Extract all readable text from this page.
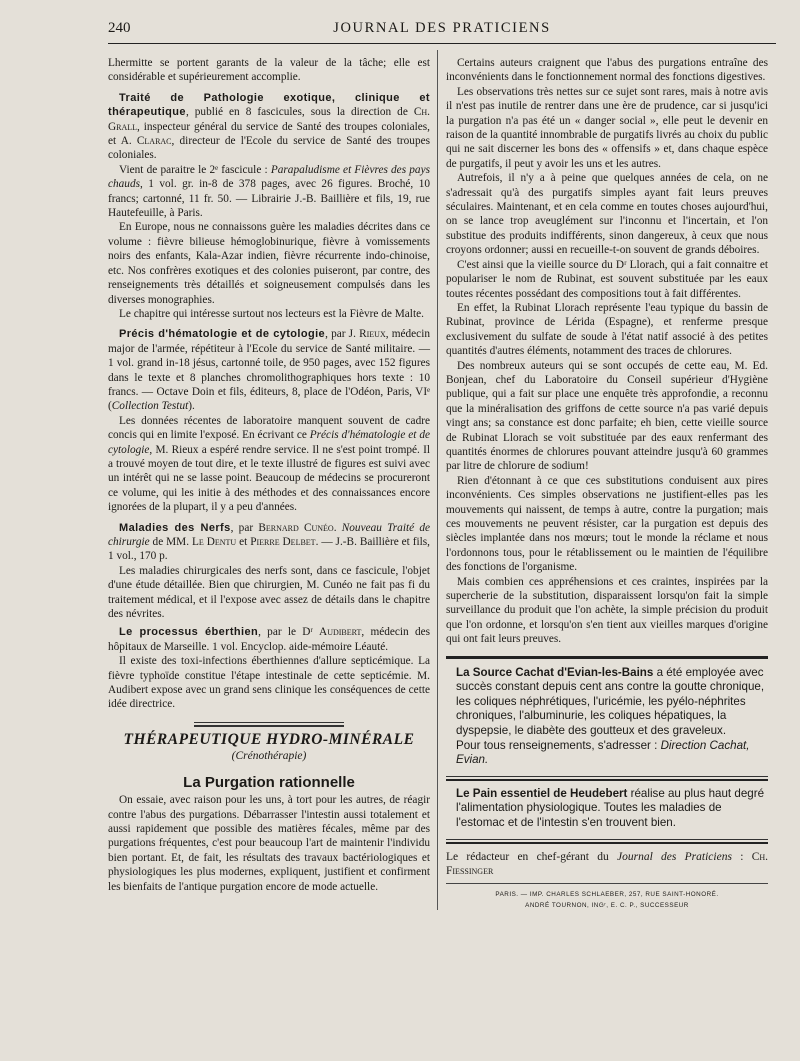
240	JOURNAL DES PRATICIENS

Lhermitte se portent garants de la valeur de la tâche; elle est considérable et supérieurement accomplie.

Traité de Pathologie exotique, clinique et thérapeutique, publié en 8 fascicules, sous la direction de Ch. Grall, inspecteur général du service de Santé des troupes coloniales, et A. Clarac, directeur de l'Ecole du service de Santé des troupes coloniales.

Vient de paraitre le 2ᵉ fascicule : Parapaludisme et Fièvres des pays chauds, 1 vol. gr. in-8 de 378 pages, avec 26 figures. Broché, 10 francs; cartonné, 11 fr. 50. — Librairie J.-B. Baillière et fils, 19, rue Hautefeuille, à Paris.

En Europe, nous ne connaissons guère les maladies décrites dans ce volume : fièvre bilieuse hémoglobinurique, fièvre à vomissements noirs des enfants, Kala-Azar indien, fièvre récurrente indo-chinoise, etc. Nos confrères exotiques et des colonies puiseront, par contre, des renseignements très détaillés et soigneusement compulsés dans les diverses monographies.

Le chapitre qui intéresse surtout nos lecteurs est la Fièvre de Malte.

Précis d'hématologie et de cytologie, par J. Rieux, médecin major de l'armée, répétiteur à l'Ecole du service de Santé militaire. — 1 vol. grand in-18 jésus, cartonné toile, de 950 pages, avec 152 figures dans le texte et 8 planches chromolithographiques hors texte : 10 francs. — Octave Doin et fils, éditeurs, 8, place de l'Odéon, Paris, VIᵉ (Collection Testut).

Les données récentes de laboratoire manquent souvent de cadre concis qui en limite l'exposé. En écrivant ce Précis d'hématologie et de cytologie, M. Rieux a espéré rendre service. Il ne s'est point trompé. Il a trouvé moyen de tout dire, et le texte illustré de figures est suivi avec un intérêt qui ne se lasse point. Beaucoup de médecins se procureront ce volume, qui les initie à des méthodes et des connaissances encore ignorées de la plupart, il y a peu d'années.

Maladies des Nerfs, par Bernard Cunéo. Nouveau Traité de chirurgie de MM. Le Dentu et Pierre Delbet. — J.-B. Baillière et fils, 1 vol., 170 p.

Les maladies chirurgicales des nerfs sont, dans ce fascicule, l'objet d'une étude détaillée. Bien que chirurgien, M. Cunéo ne fait pas fi du traitement médical, et il l'expose avec assez de détails dans le chapitre des névrites.

Le processus éberthien, par le Dʳ Audibert, médecin des hôpitaux de Marseille. 1 vol. Encyclop. aide-mémoire Léauté.

Il existe des toxi-infections éberthiennes d'allure septicémique. La fièvre typhoïde constitue l'étape intestinale de cette septicémie. M. Audibert expose avec un grand sens clinique les conséquences de cette idée directrice.

THÉRAPEUTIQUE HYDRO-MINÉRALE
(Crénothérapie)
La Purgation rationnelle

On essaie, avec raison pour les uns, à tort pour les autres, de réagir contre l'abus des purgations. Débarrasser l'intestin aussi totalement et aussi rapidement que possible des matières fécales, même par des purgations fréquentes, c'est pour beaucoup l'art de maintenir l'individu bien portant. Et, de fait, les résultats des travaux bactériologiques et physiologiques les plus modernes, expliquent, justifient et confirment les bienfaits de l'antique purgation encore de mode actuelle.

Certains auteurs craignent que l'abus des purgations entraîne des inconvénients dans le fonctionnement normal des fonctions digestives.

Les observations très nettes sur ce sujet sont rares, mais à notre avis il n'est pas inutile de rentrer dans une ère de prudence, car si jusqu'ici la purgation n'a pas été un « danger social », elle peut le devenir en raison de la quantité innombrable de purgatifs livrés au choix du public qui ne sait discerner les bons des « offensifs » et, dans chaque espèce de purgatifs, il peut y avoir les uns et les autres.

Autrefois, il n'y a à peine que quelques années de cela, on ne s'adressait qu'à des purgatifs simples ayant fait leurs preuves séculaires. Maintenant, et en cela comme en toutes choses aujourd'hui, on se lance trop aveuglément sur l'inconnu et l'incertain, et l'on substitue des produits indifférents, sinon dangereux, à ceux que nous croyons ordonner; aussi en recueille-t-on souvent de grands déboires.

C'est ainsi que la vieille source du Dʳ Llorach, qui a fait connaitre et populariser le nom de Rubinat, est souvent substituée par les eaux toutes récentes possédant des compositions tout à fait différentes.

En effet, la Rubinat Llorach représente l'eau typique du bassin de Rubinat, province de Lérida (Espagne), et renferme presque exclusivement du sulfate de soude à l'état natif associé à des petites quantités d'autres éléments, notamment des traces de chlorures.

Des nombreux auteurs qui se sont occupés de cette eau, M. Ed. Bonjean, chef du Laboratoire du Conseil supérieur d'Hygiène publique, qui a fait sur place une enquête très approfondie, a reconnu que la minéralisation des griffons de cette source n'a pas varié depuis vingt ans; sa constance est donc parfaite; eh bien, cette vieille source de Rubinat Llorach se voit substituée par des eaux renfermant des quantités énormes de chlorures pouvant atteindre jusqu'à 60 grammes par litre de chlorure de sodium!

Rien d'étonnant à ce que ces substitutions conduisent aux pires inconvénients. Ces simples observations ne justifient-elles pas les mouvements qui naissent, de temps à autre, contre la purgation; mais ces mouvements ne peuvent résister, car la purgation est depuis des siècles implantée dans nos mœurs; tout le monde la réclame et nous l'ordonnons tous, pour le rétablissement ou le maintien de l'équilibre des fonctions de l'organisme.

Mais combien ces appréhensions et ces craintes, inspirées par la supercherie de la substitution, disparaissent lorsqu'on fait la simple surveillance du produit que l'on achète, la simple précision du produit que l'on ordonne, et lorsqu'on s'en tient aux vieilles marques d'origine qui ont fait leurs preuves.

La Source Cachat d'Evian-les-Bains a été employée avec succès constant depuis cent ans contre la goutte chronique, les coliques néphrétiques, l'uricémie, les pyélo-néphrites chroniques, l'albuminurie, les coliques hépatiques, la dyspepsie, le diabète des goutteux et des graveleux.

Pour tous renseignements, s'adresser : Direction Cachat, Evian.

Le Pain essentiel de Heudebert réalise au plus haut degré l'alimentation physiologique. Toutes les maladies de l'estomac et de l'intestin s'en trouvent bien.

Le rédacteur en chef-gérant du Journal des Praticiens : Ch. Fiessinger

PARIS. — IMP. CHARLES SCHLAEBER, 257, RUE SAINT-HONORÉ.
ANDRÉ TOURNON, INGʳ, E. C. P., SUCCESSEUR
